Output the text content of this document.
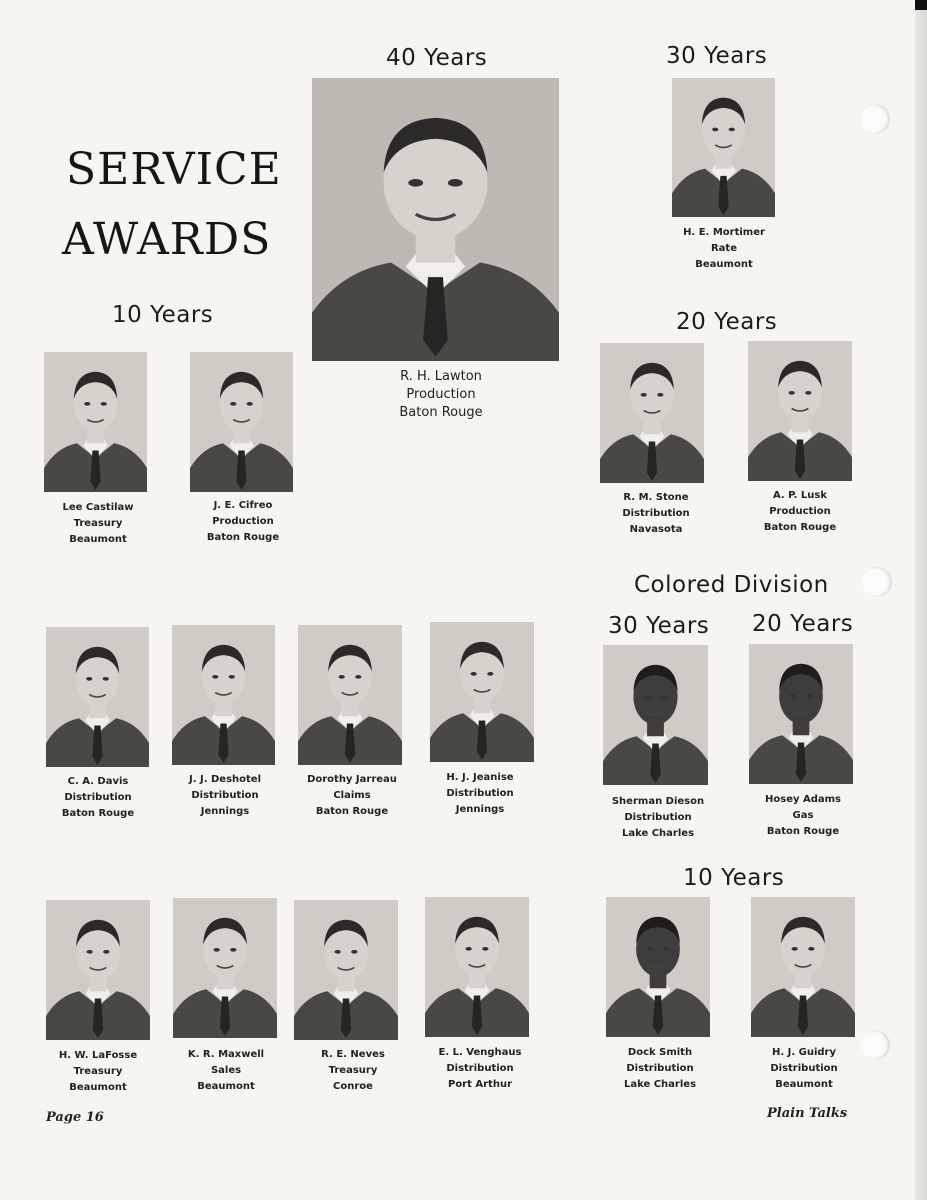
SERVICE
AWARDS
40 Years	30 Years
10 Years	20 Years
Colored Division
30 Years 20 Years
10 Years
R. H. Lawton
Production
Baton Rouge
H. E. Mortimer
Rate
Beaumont
Lee Castilaw
Treasury
Beaumont
J. E. Cifreo
Production
Baton Rouge
R. M. Stone
Distribution
Navasota
A. P. Lusk
Production
Baton Rouge
C. A. Davis
Distribution
Baton Rouge
J. J. Deshotel
Distribution
Jennings
Dorothy Jarreau
Claims
Baton Rouge
H. J. Jeanise
Distribution
Jennings
Sherman Dieson
Distribution
Lake Charles
Hosey Adams
Gas
Baton Rouge
H. W. LaFosse
Treasury
Beaumont
K. R. Maxwell
Sales
Beaumont
R. E. Neves
Treasury
Conroe
E. L. Venghaus
Distribution
Port Arthur
Dock Smith
Distribution
Lake Charles
H. J. Guidry
Distribution
Beaumont
Page 16	Plain Talks
